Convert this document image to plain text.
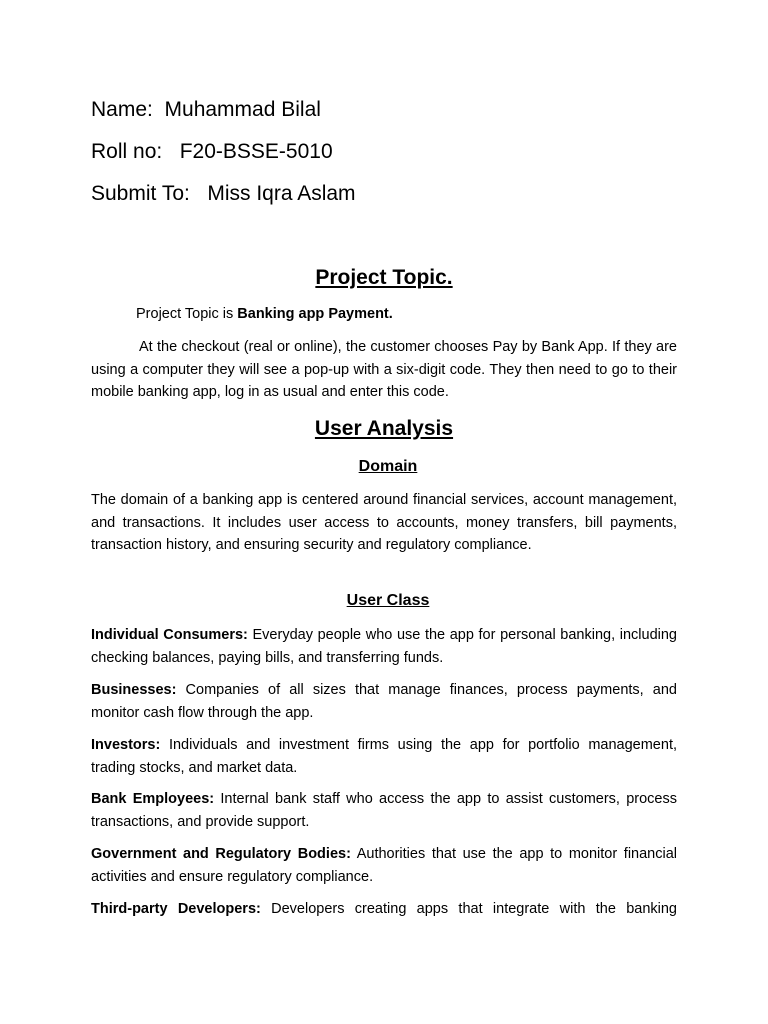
Name: Muhammad Bilal

Roll no: F20-BSSE-5010

Submit To: Miss Iqra Aslam

Project Topic.

Project Topic is Banking app Payment.

At the checkout (real or online), the customer chooses Pay by Bank App. If they are using a computer they will see a pop-up with a six-digit code. They then need to go to their mobile banking app, log in as usual and enter this code.

User Analysis
Domain

The domain of a banking app is centered around financial services, account management, and transactions. It includes user access to accounts, money transfers, bill payments, transaction history, and ensuring security and regulatory compliance.

User Class

Individual Consumers: Everyday people who use the app for personal banking, including checking balances, paying bills, and transferring funds.

Businesses: Companies of all sizes that manage finances, process payments, and monitor cash flow through the app.

Investors: Individuals and investment firms using the app for portfolio management, trading stocks, and market data.

Bank Employees: Internal bank staff who access the app to assist customers, process transactions, and provide support.

Government and Regulatory Bodies: Authorities that use the app to monitor financial activities and ensure regulatory compliance.

Third-party Developers: Developers creating apps that integrate with the banking
